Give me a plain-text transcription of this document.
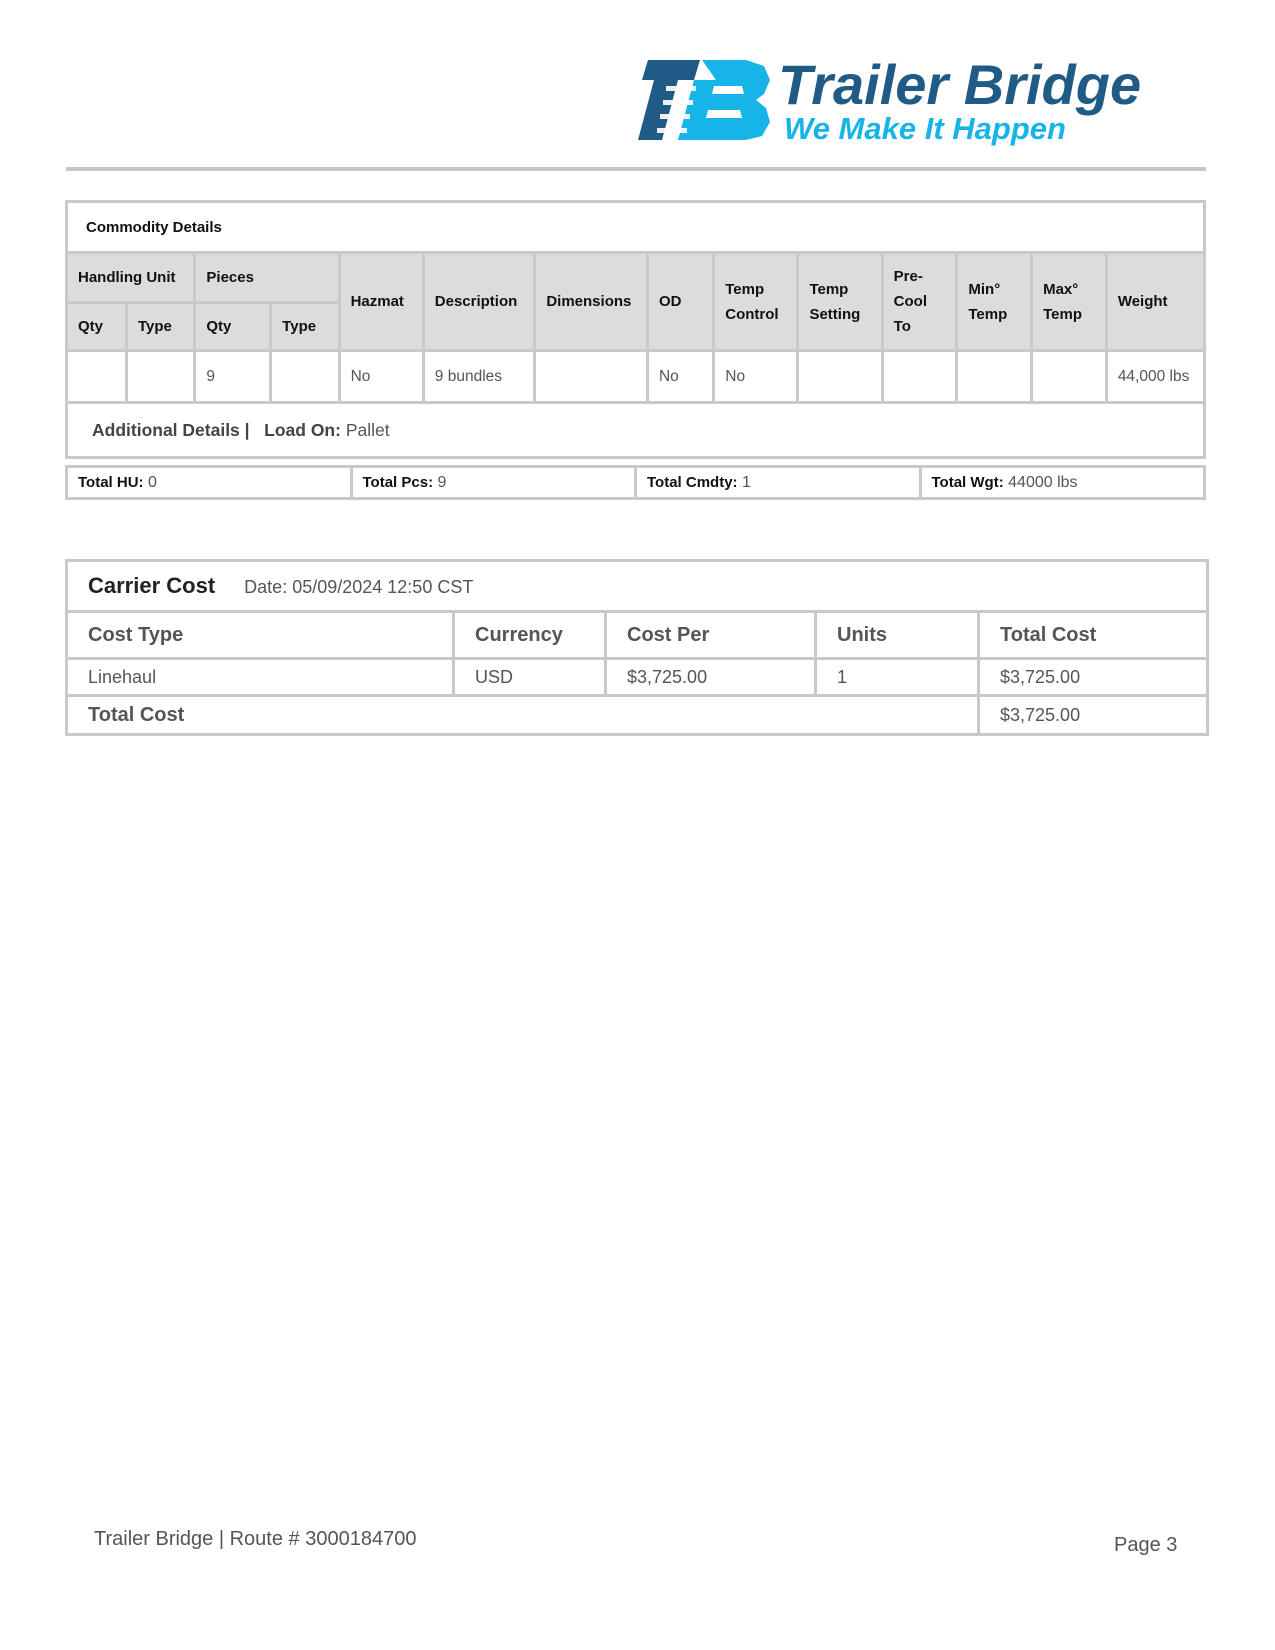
Trailer Bridge
We Make It Happen
Commodity Details													
Handling Unit		Pieces		Hazmat	Description	Dimensions	OD	Temp Control	Temp Setting	Pre-Cool To	Min° Temp	Max° Temp	Weight
Qty	Type	Qty	Type										
		9		No	9 bundles		No	No					44,000 lbs
Additional Details | Load On: Pallet													
Total HU: 0	Total Pcs: 9	Total Cmdty: 1	Total Wgt: 44000 lbs
Carrier Cost Date: 05/09/2024 12:50 CST				
Cost Type	Currency	Cost Per	Units	Total Cost
Linehaul	USD	$3,725.00	1	$3,725.00
Total Cost				$3,725.00
Trailer Bridge | Route # 3000184700	Page 3
